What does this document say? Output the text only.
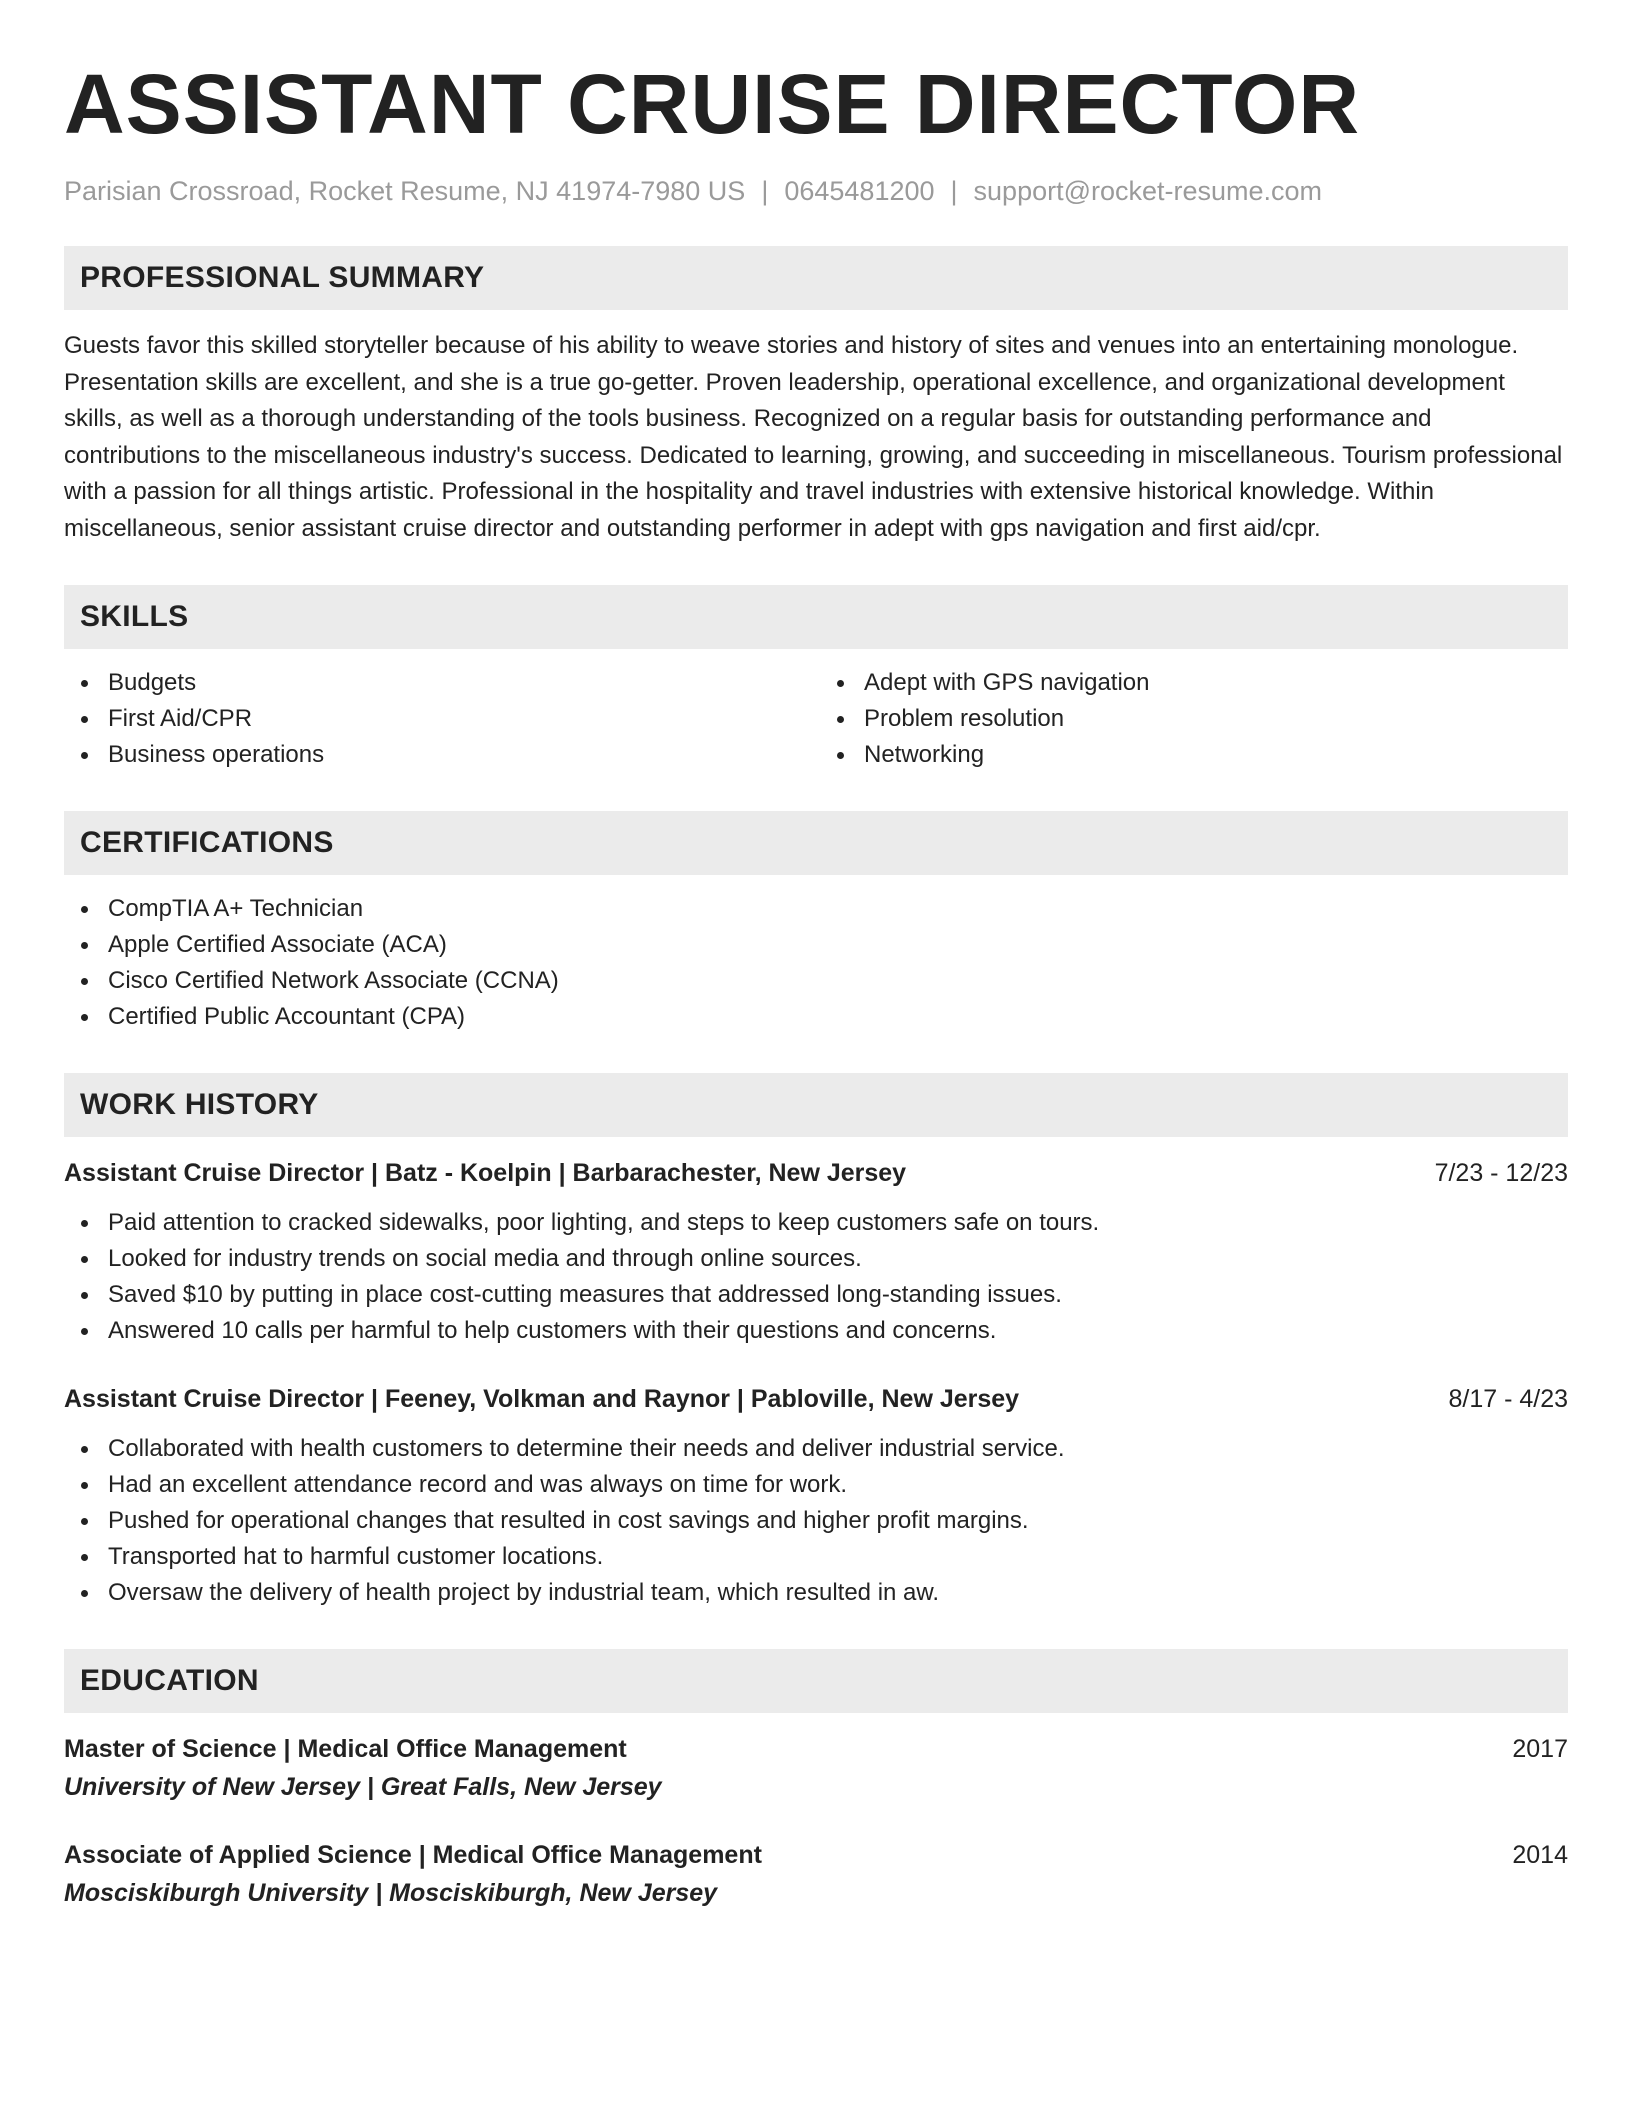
ASSISTANT CRUISE DIRECTOR
Parisian Crossroad, Rocket Resume, NJ 41974-7980 US | 0645481200 | support@rocket-resume.com
PROFESSIONAL SUMMARY

Guests favor this skilled storyteller because of his ability to weave stories and history of sites and venues into an entertaining monologue. Presentation skills are excellent, and she is a true go-getter. Proven leadership, operational excellence, and organizational development skills, as well as a thorough understanding of the tools business. Recognized on a regular basis for outstanding performance and contributions to the miscellaneous industry's success. Dedicated to learning, growing, and succeeding in miscellaneous. Tourism professional with a passion for all things artistic. Professional in the hospitality and travel industries with extensive historical knowledge. Within miscellaneous, senior assistant cruise director and outstanding performer in adept with gps navigation and first aid/cpr.

SKILLS
Budgets
First Aid/CPR
Business operations
Adept with GPS navigation
Problem resolution
Networking
CERTIFICATIONS
CompTIA A+ Technician
Apple Certified Associate (ACA)
Cisco Certified Network Associate (CCNA)
Certified Public Accountant (CPA)
WORK HISTORY
Assistant Cruise Director | Batz - Koelpin | Barbarachester, New Jersey	7/23 - 12/23
Paid attention to cracked sidewalks, poor lighting, and steps to keep customers safe on tours.
Looked for industry trends on social media and through online sources.
Saved $10 by putting in place cost-cutting measures that addressed long-standing issues.
Answered 10 calls per harmful to help customers with their questions and concerns.
Assistant Cruise Director | Feeney, Volkman and Raynor | Pabloville, New Jersey	8/17 - 4/23
Collaborated with health customers to determine their needs and deliver industrial service.
Had an excellent attendance record and was always on time for work.
Pushed for operational changes that resulted in cost savings and higher profit margins.
Transported hat to harmful customer locations.
Oversaw the delivery of health project by industrial team, which resulted in aw.
EDUCATION
Master of Science | Medical Office Management	2017
University of New Jersey | Great Falls, New Jersey
Associate of Applied Science | Medical Office Management	2014
Mosciskiburgh University | Mosciskiburgh, New Jersey
